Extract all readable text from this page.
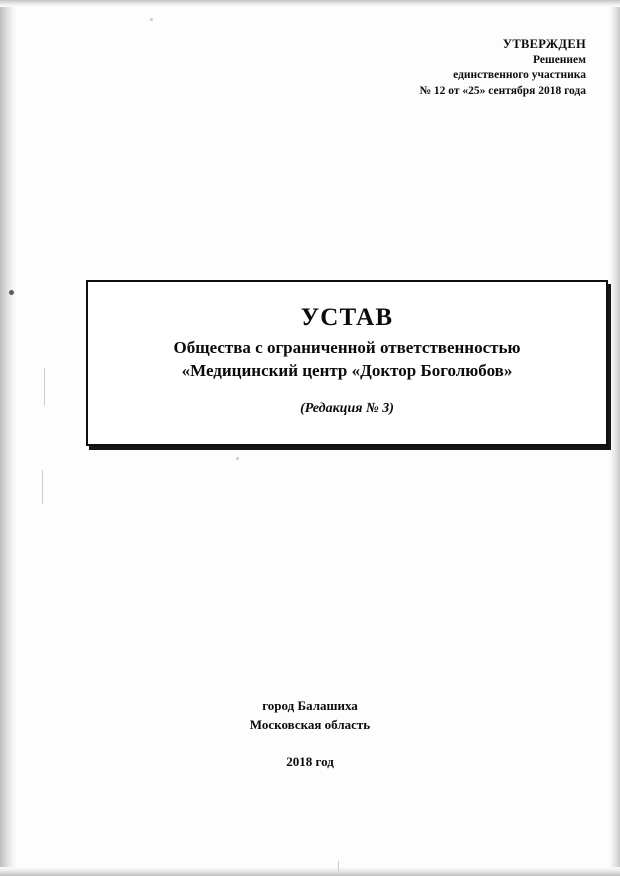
УТВЕРЖДЕН
Решением
единственного участника
№ 12 от «25» сентября 2018 года
УСТАВ
Общества с ограниченной ответственностью
«Медицинский центр «Доктор Боголюбов»
(Редакция № 3)
город Балашиха
Московская область
2018 год
